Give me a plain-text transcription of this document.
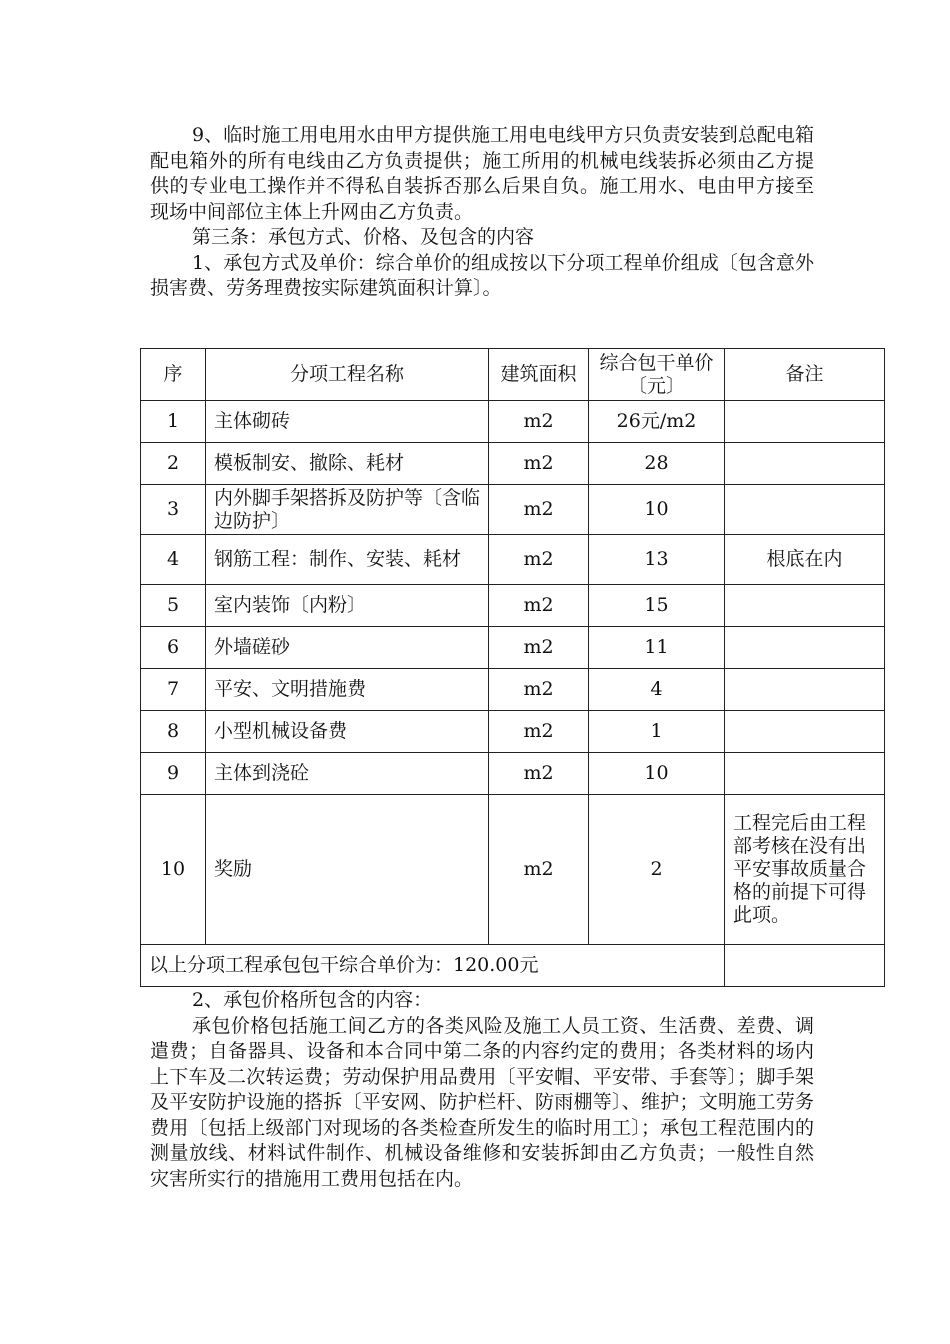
9、临时施工用电用水由甲方提供施工用电电线甲方只负责安装到总配电箱配电箱外的所有电线由乙方负责提供；施工所用的机械电线装拆必须由乙方提供的专业电工操作并不得私自装拆否那么后果自负。施工用水、电由甲方接至现场中间部位主体上升网由乙方负责。

第三条：承包方式、价格、及包含的内容

1、承包方式及单价：综合单价的组成按以下分项工程单价组成〔包含意外损害费、劳务理费按实际建筑面积计算〕。

序	分项工程名称	建筑面积	综合包干单价〔元〕	备注
1	主体砌砖	m2	26元/m2	
2	模板制安、撤除、耗材	m2	28	
3	内外脚手架搭拆及防护等〔含临边防护〕	m2	10	
4	钢筋工程：制作、安装、耗材	m2	13	根底在内
5	室内装饰〔内粉〕	m2	15	
6	外墙磋砂	m2	11	
7	平安、文明措施费	m2	4	
8	小型机械设备费	m2	1	
9	主体到浇砼	m2	10	
10	奖励	m2	2	工程完后由工程部考核在没有出平安事故质量合格的前提下可得此项。
以上分项工程承包包干综合单价为：120.00元				

2、承包价格所包含的内容：

承包价格包括施工间乙方的各类风险及施工人员工资、生活费、差费、调遣费；自备器具、设备和本合同中第二条的内容约定的费用；各类材料的场内上下车及二次转运费；劳动保护用品费用〔平安帽、平安带、手套等〕；脚手架及平安防护设施的搭拆〔平安网、防护栏杆、防雨棚等〕、维护；文明施工劳务费用〔包括上级部门对现场的各类检查所发生的临时用工〕；承包工程范围内的测量放线、材料试件制作、机械设备维修和安装拆卸由乙方负责；一般性自然灾害所实行的措施用工费用包括在内。
